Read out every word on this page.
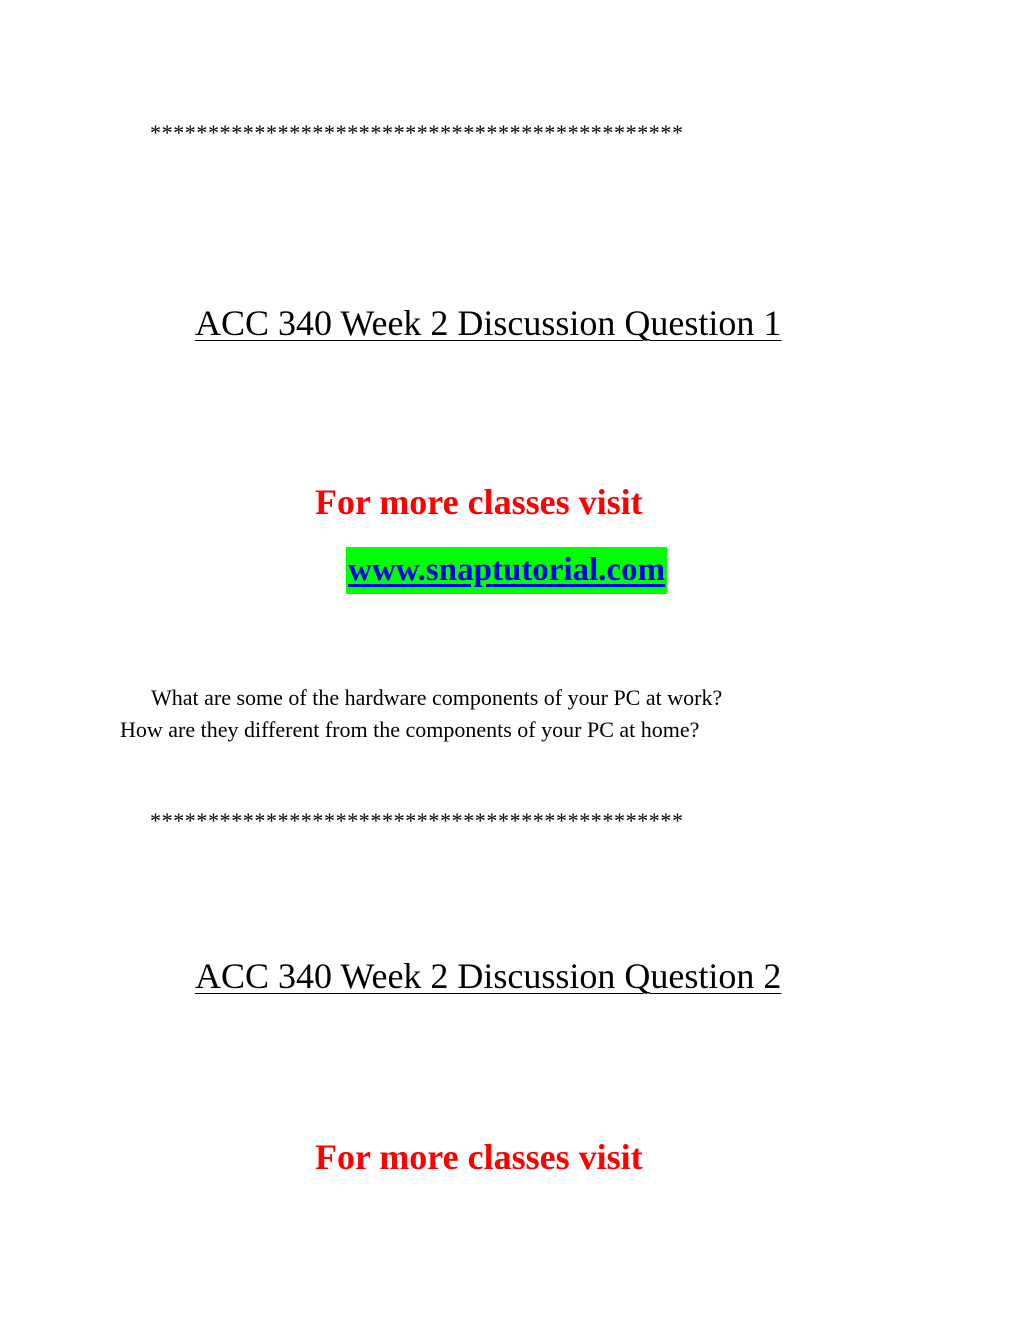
**********************************************
ACC 340 Week 2 Discussion Question 1
For more classes visit
www.snaptutorial.com
What are some of the hardware components of your PC at work?
How are they different from the components of your PC at home?
**********************************************
ACC 340 Week 2 Discussion Question 2
For more classes visit
